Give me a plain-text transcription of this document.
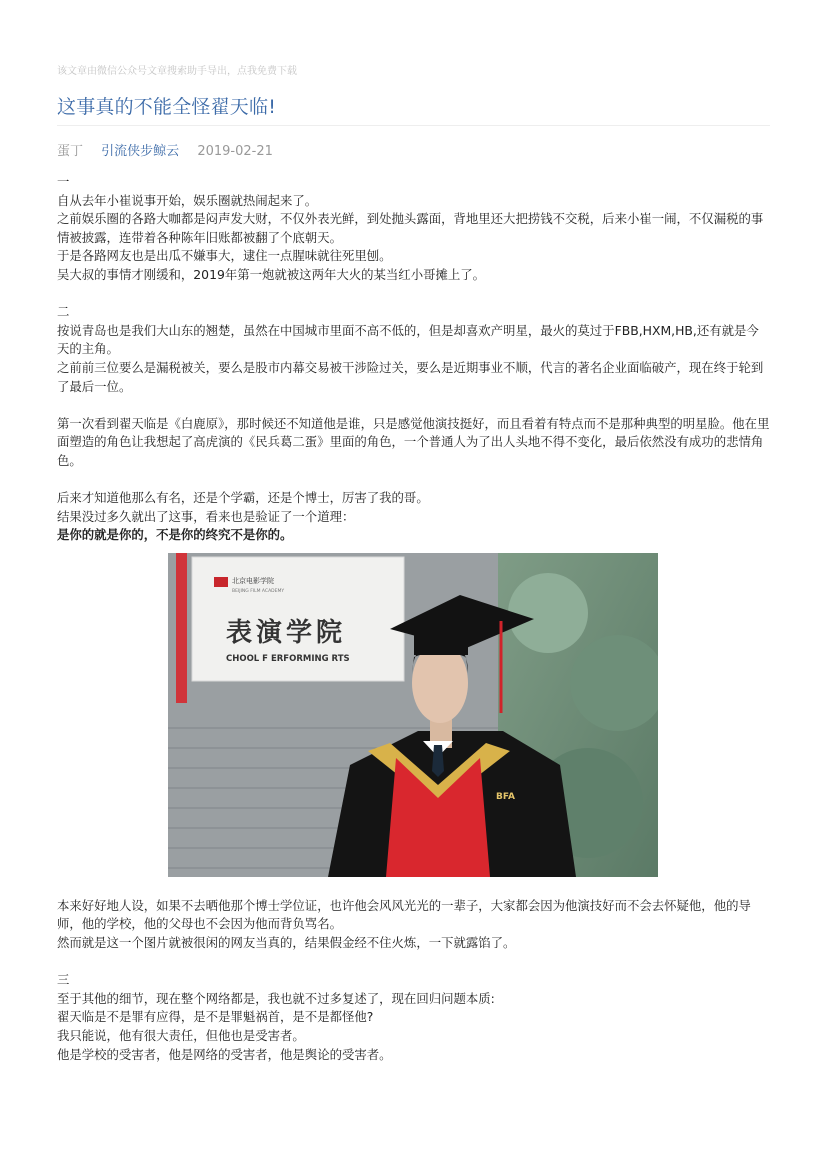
该文章由微信公众号文章搜索助手导出，点我免费下载
这事真的不能全怪翟天临!
蛋丁 引流侠步鲸云 2019-02-21

一

自从去年小崔说事开始，娱乐圈就热闹起来了。

之前娱乐圈的各路大咖都是闷声发大财，不仅外表光鲜，到处抛头露面，背地里还大把捞钱不交税，后来小崔一闹，不仅漏税的事情被披露，连带着各种陈年旧账都被翻了个底朝天。

于是各路网友也是出瓜不嫌事大，逮住一点腥味就往死里刨。

吴大叔的事情才刚缓和，2019年第一炮就被这两年大火的某当红小哥摊上了。

二

按说青岛也是我们大山东的翘楚，虽然在中国城市里面不高不低的，但是却喜欢产明星，最火的莫过于FBB,HXM,HB,还有就是今天的主角。

之前前三位要么是漏税被关，要么是股市内幕交易被干涉险过关，要么是近期事业不顺，代言的著名企业面临破产，现在终于轮到了最后一位。

第一次看到翟天临是《白鹿原》，那时候还不知道他是谁，只是感觉他演技挺好，而且看着有特点而不是那种典型的明星脸。他在里面塑造的角色让我想起了高虎演的《民兵葛二蛋》里面的角色，一个普通人为了出人头地不得不变化，最后依然没有成功的悲情角色。

后来才知道他那么有名，还是个学霸，还是个博士，厉害了我的哥。

结果没过多久就出了这事，看来也是验证了一个道理：

是你的就是你的，不是你的终究不是你的。

北京电影学院
BEIJING FILM ACADEMY
表演学院
CHOOL F ERFORMING RTS
BFA

本来好好地人设，如果不去晒他那个博士学位证，也许他会风风光光的一辈子，大家都会因为他演技好而不会去怀疑他，他的导师，他的学校，他的父母也不会因为他而背负骂名。

然而就是这一个图片就被很闲的网友当真的，结果假金经不住火炼，一下就露馅了。

三

至于其他的细节，现在整个网络都是，我也就不过多复述了，现在回归问题本质:

翟天临是不是罪有应得，是不是罪魁祸首，是不是都怪他?

我只能说，他有很大责任，但他也是受害者。

他是学校的受害者，他是网络的受害者，他是舆论的受害者。
